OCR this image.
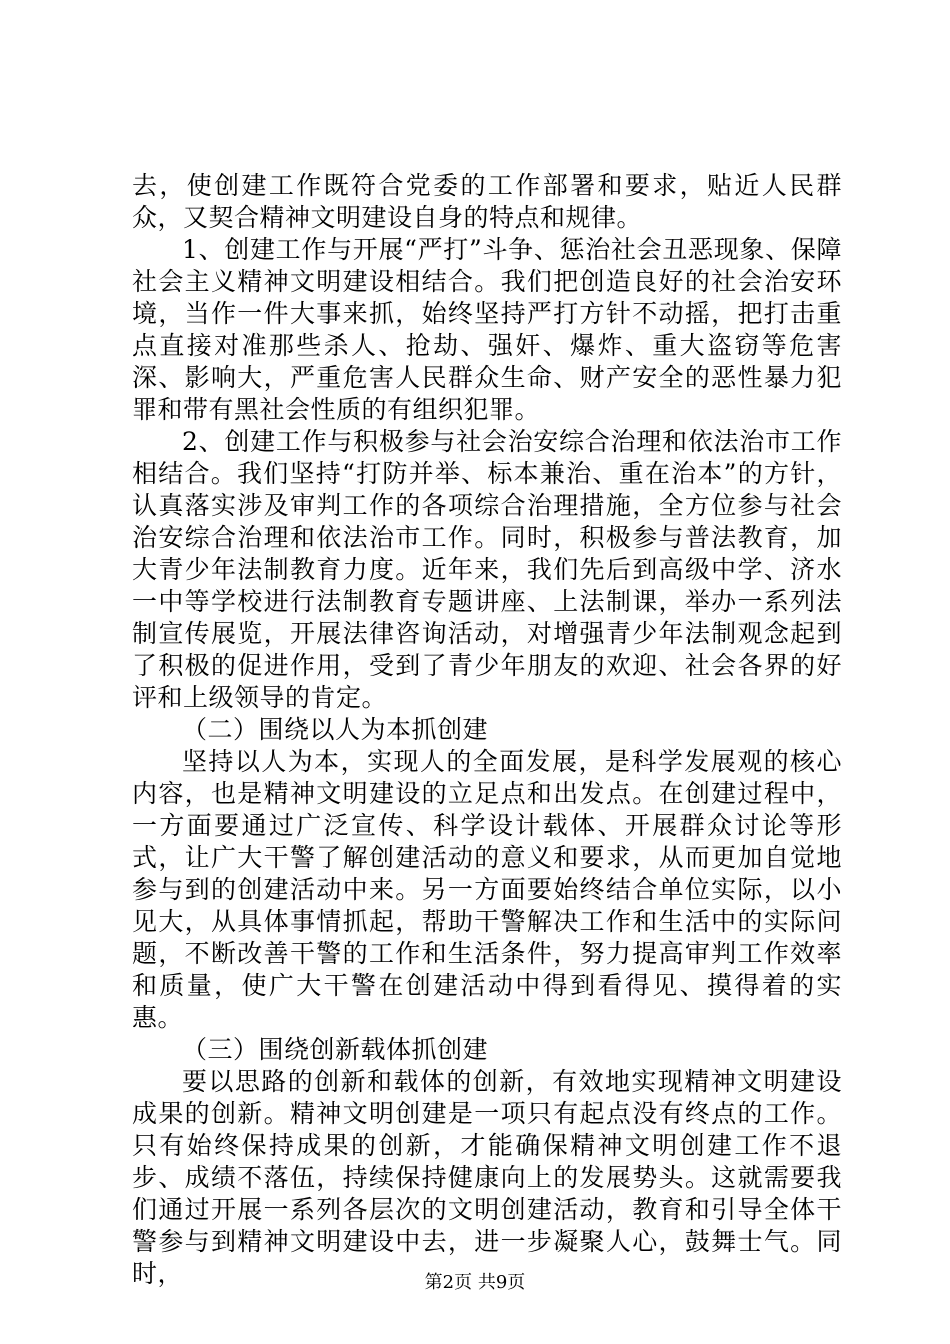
去，使创建工作既符合党委的工作部署和要求，贴近人民群众，又契合精神文明建设自身的特点和规律。

1、创建工作与开展“严打”斗争、惩治社会丑恶现象、保障社会主义精神文明建设相结合。我们把创造良好的社会治安环境，当作一件大事来抓，始终坚持严打方针不动摇，把打击重点直接对准那些杀人、抢劫、强奸、爆炸、重大盗窃等危害深、影响大，严重危害人民群众生命、财产安全的恶性暴力犯罪和带有黑社会性质的有组织犯罪。

2、创建工作与积极参与社会治安综合治理和依法治市工作相结合。我们坚持“打防并举、标本兼治、重在治本”的方针，认真落实涉及审判工作的各项综合治理措施，全方位参与社会治安综合治理和依法治市工作。同时，积极参与普法教育，加大青少年法制教育力度。近年来，我们先后到高级中学、济水一中等学校进行法制教育专题讲座、上法制课，举办一系列法制宣传展览，开展法律咨询活动，对增强青少年法制观念起到了积极的促进作用，受到了青少年朋友的欢迎、社会各界的好评和上级领导的肯定。

（二）围绕以人为本抓创建

坚持以人为本，实现人的全面发展，是科学发展观的核心内容，也是精神文明建设的立足点和出发点。在创建过程中，一方面要通过广泛宣传、科学设计载体、开展群众讨论等形式，让广大干警了解创建活动的意义和要求，从而更加自觉地参与到的创建活动中来。另一方面要始终结合单位实际，以小见大，从具体事情抓起，帮助干警解决工作和生活中的实际问题，不断改善干警的工作和生活条件，努力提高审判工作效率和质量，使广大干警在创建活动中得到看得见、摸得着的实惠。

（三）围绕创新载体抓创建

要以思路的创新和载体的创新，有效地实现精神文明建设成果的创新。精神文明创建是一项只有起点没有终点的工作。只有始终保持成果的创新，才能确保精神文明创建工作不退步、成绩不落伍，持续保持健康向上的发展势头。这就需要我们通过开展一系列各层次的文明创建活动，教育和引导全体干警参与到精神文明建设中去，进一步凝聚人心，鼓舞士气。同时，	第2页 共9页
